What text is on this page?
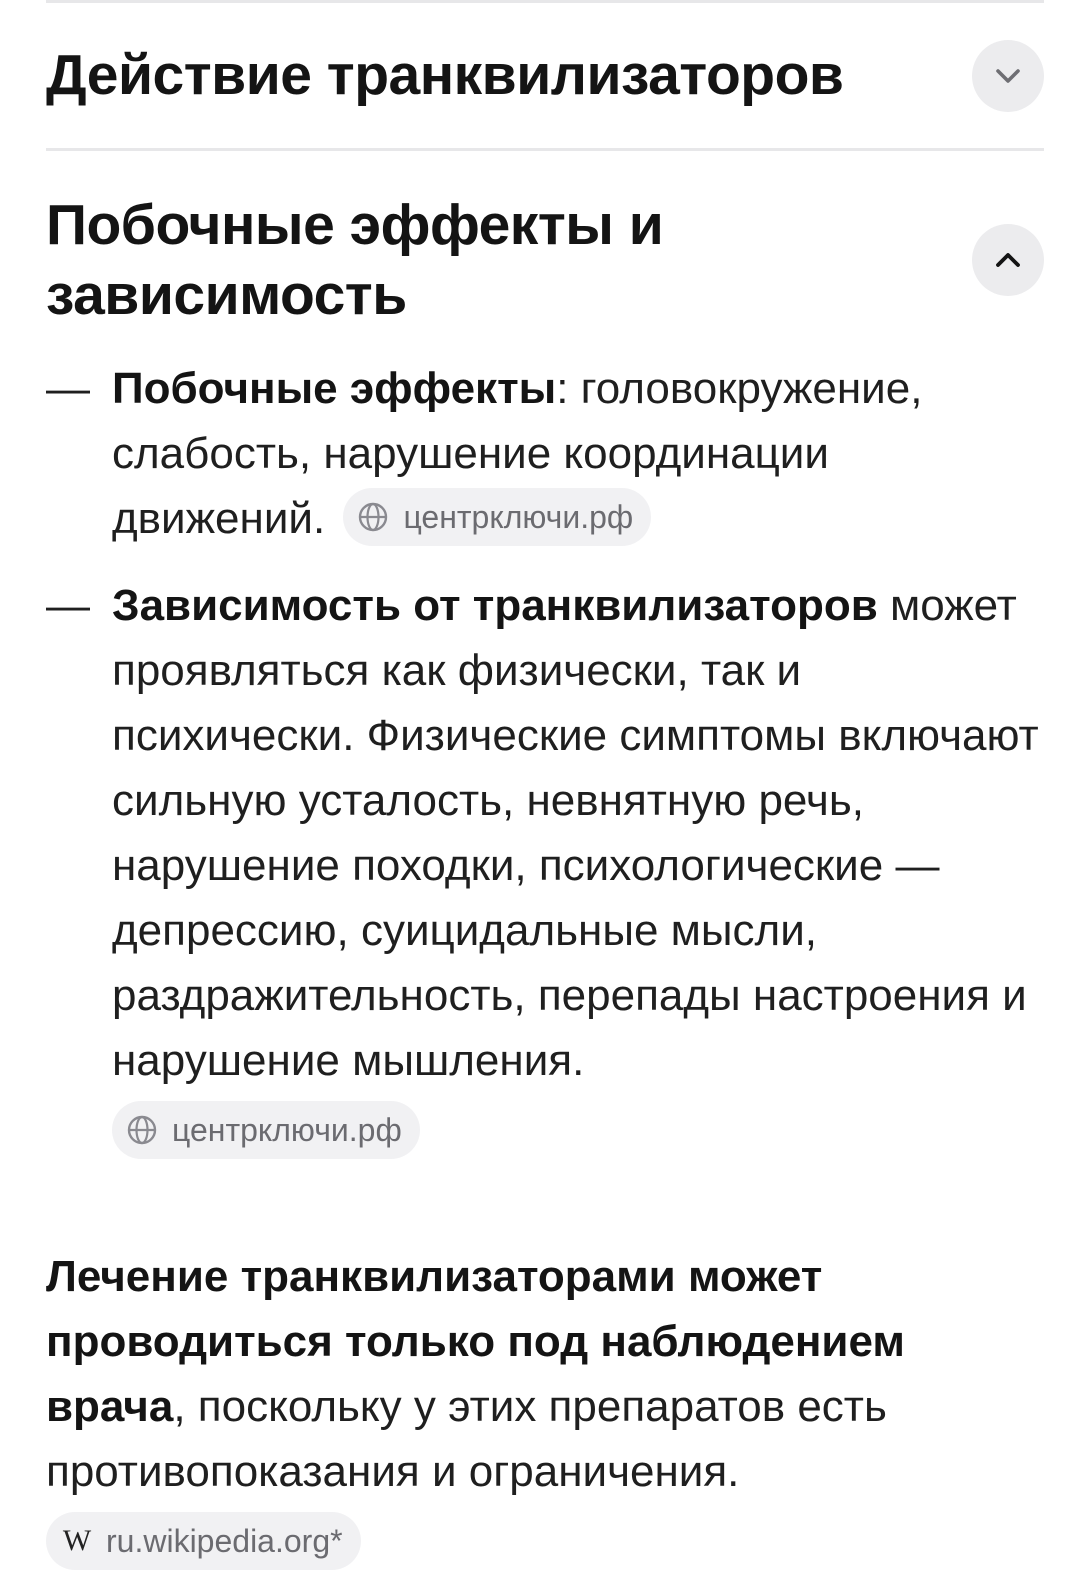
Действие транквилизаторов
Побочные эффекты и
зависимость
— Побочные эффекты: головокружение, слабость, нарушение координации движений. центрключи.рф
— Зависимость от транквилизаторов может проявляться как физически, так и психически. Физические симптомы включают сильную усталость, невнятную речь, нарушение походки, психологические — депрессию, суицидальные мысли, раздражительность, перепады настроения и нарушение мышления.

центрключи.рф
Лечение транквилизаторами может проводиться только под наблюдением врача, поскольку у этих препаратов есть противопоказания и ограничения.

W ru.wikipedia.org*
